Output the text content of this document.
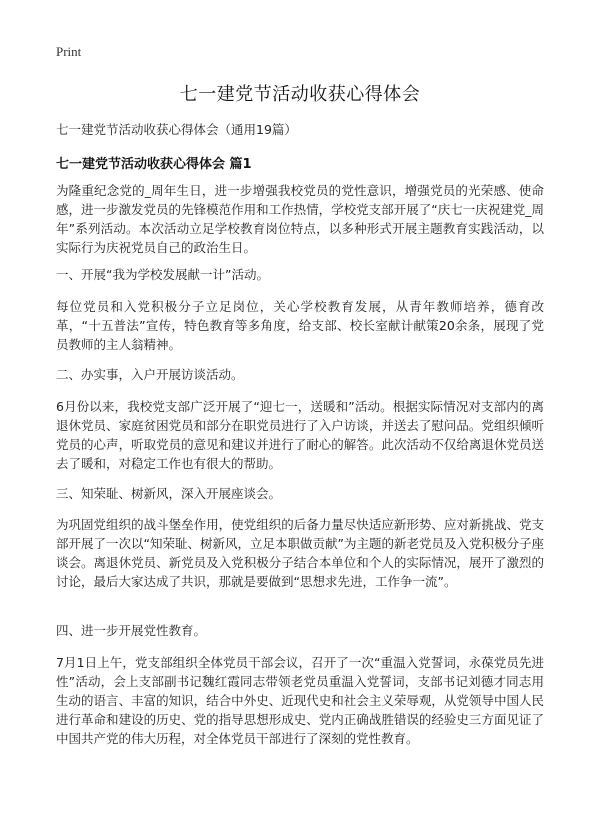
Print
七一建党节活动收获心得体会
七一建党节活动收获心得体会（通用19篇）
七一建党节活动收获心得体会 篇1

为隆重纪念党的_周年生日，进一步增强我校党员的党性意识，增强党员的光荣感、使命感，进一步激发党员的先锋模范作用和工作热情，学校党支部开展了“庆七一庆祝建党_周年”系列活动。本次活动立足学校教育岗位特点，以多种形式开展主题教育实践活动，以实际行为庆祝党员自己的政治生日。

一、开展“我为学校发展献一计”活动。

每位党员和入党积极分子立足岗位，关心学校教育发展，从青年教师培养，德育改革，“十五普法”宣传，特色教育等多角度，给支部、校长室献计献策20余条，展现了党员教师的主人翁精神。

二、办实事，入户开展访谈活动。

6月份以来，我校党支部广泛开展了“迎七一，送暖和”活动。根据实际情况对支部内的离退休党员、家庭贫困党员和部分在职党员进行了入户访谈，并送去了慰问品。党组织倾听党员的心声，听取党员的意见和建议并进行了耐心的解答。此次活动不仅给离退休党员送去了暖和，对稳定工作也有很大的帮助。

三、知荣耻、树新风，深入开展座谈会。

为巩固党组织的战斗堡垒作用，使党组织的后备力量尽快适应新形势、应对新挑战、党支部开展了一次以“知荣耻、树新风，立足本职做贡献”为主题的新老党员及入党积极分子座谈会。离退休党员、新党员及入党积极分子结合本单位和个人的实际情况，展开了激烈的讨论，最后大家达成了共识，那就是要做到“思想求先进，工作争一流”。

四、进一步开展党性教育。

7月1日上午，党支部组织全体党员干部会议，召开了一次“重温入党誓词，永葆党员先进性”活动，会上支部副书记魏红霞同志带领老党员重温入党誓词，支部书记刘德才同志用生动的语言、丰富的知识，结合中外史、近现代史和社会主义荣辱观，从党领导中国人民进行革命和建设的历史、党的指导思想形成史、党内正确战胜错误的经验史三方面见证了中国共产党的伟大历程，对全体党员干部进行了深刻的党性教育。
